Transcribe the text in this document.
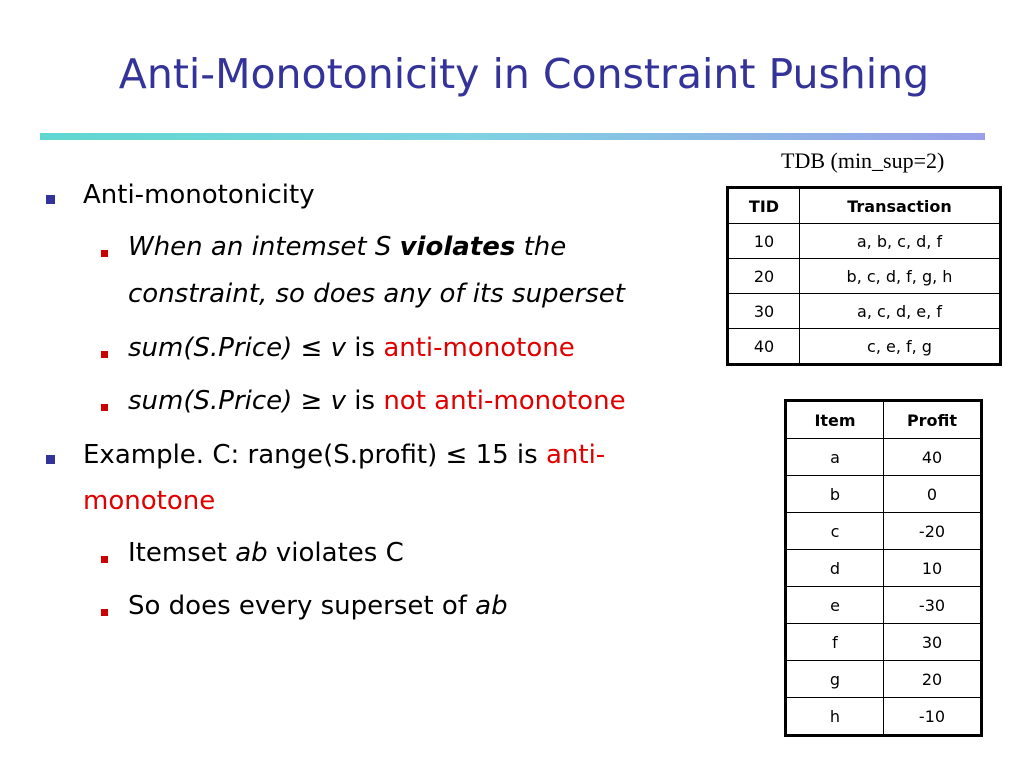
Anti-Monotonicity in Constraint Pushing
Anti-monotonicity
When an intemset S violates the
constraint, so does any of its superset
sum(S.Price) ≤ v is anti-monotone
sum(S.Price) ≥ v is not anti-monotone
Example. C: range(S.profit) ≤ 15 is anti-
monotone
Itemset ab violates C
So does every superset of ab
TDB (min_sup=2)
TID	Transaction
10	a, b, c, d, f
20	b, c, d, f, g, h
30	a, c, d, e, f
40	c, e, f, g
Item	Profit
a	40
b	0
c	-20
d	10
e	-30
f	30
g	20
h	-10
